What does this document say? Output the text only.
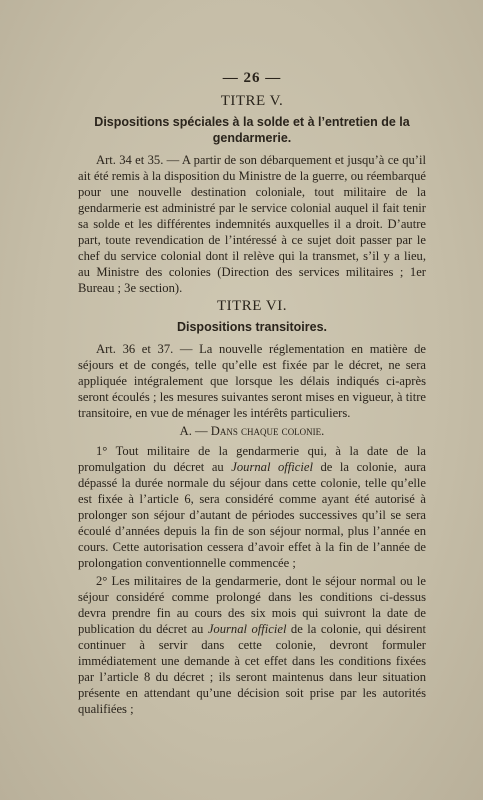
— 26 —
TITRE V.
Dispositions spéciales à la solde et à l’entretien de la gendarmerie.

Art. 34 et 35. — A partir de son débarquement et jusqu’à ce qu’il ait été remis à la disposition du Ministre de la guerre, ou réembarqué pour une nouvelle destination coloniale, tout militaire de la gendarmerie est administré par le service colonial auquel il fait tenir sa solde et les différentes indemnités auxquelles il a droit. D’autre part, toute revendication de l’intéressé à ce sujet doit passer par le chef du service colonial dont il relève qui la transmet, s’il y a lieu, au Ministre des colonies (Direction des services militaires ; 1er Bureau ; 3e section).

TITRE VI.
Dispositions transitoires.

Art. 36 et 37. — La nouvelle réglementation en matière de séjours et de congés, telle qu’elle est fixée par le décret, ne sera appliquée intégralement que lorsque les délais indiqués ci-après seront écoulés ; les mesures suivantes seront mises en vigueur, à titre transitoire, en vue de ménager les intérêts particuliers.

A. — Dans chaque colonie.

1° Tout militaire de la gendarmerie qui, à la date de la promulgation du décret au Journal officiel de la colonie, aura dépassé la durée normale du séjour dans cette colonie, telle qu’elle est fixée à l’article 6, sera considéré comme ayant été autorisé à prolonger son séjour d’autant de périodes successives qu’il se sera écoulé d’années depuis la fin de son séjour normal, plus l’année en cours. Cette autorisation cessera d’avoir effet à la fin de l’année de prolongation conventionnelle commencée ;

2° Les militaires de la gendarmerie, dont le séjour normal ou le séjour considéré comme prolongé dans les conditions ci-dessus devra prendre fin au cours des six mois qui suivront la date de publication du décret au Journal officiel de la colonie, qui désirent continuer à servir dans cette colonie, devront formuler immédiatement une demande à cet effet dans les conditions fixées par l’article 8 du décret ; ils seront maintenus dans leur situation présente en attendant qu’une décision soit prise par les autorités qualifiées ;
